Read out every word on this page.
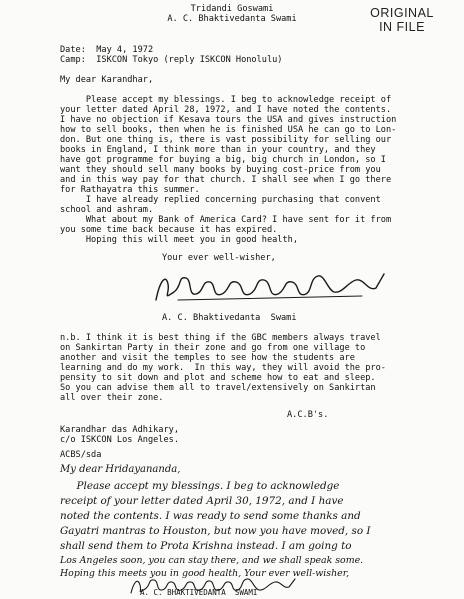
ORIGINAL
IN FILE
Tridandi Goswami
A. C. Bhaktivedanta Swami
Date:  May 4, 1972
Camp:  ISKCON Tokyo (reply ISKCON Honolulu)
My dear Karandhar,
Please accept my blessings. I beg to acknowledge receipt of
your letter dated April 28, 1972, and I have noted the contents.
I have no objection if Kesava tours the USA and gives instruction
how to sell books, then when he is finished USA he can go to Lon-
don. But one thing is, there is vast possibility for selling our
books in England, I think more than in your country, and they
have got programme for buying a big, big church in London, so I
want they should sell many books by buying cost-price from you
and in this way pay for that church. I shall see when I go there
for Rathayatra this summer.
I have already replied concerning purchasing that convent
school and ashram.
What about my Bank of America Card? I have sent for it from
you some time back because it has expired.
Hoping this will meet you in good health,
Your ever well-wisher,
A. C. Bhaktivedanta  Swami
n.b. I think it is best thing if the GBC members always travel
on Sankirtan Party in their zone and go from one village to
another and visit the temples to see how the students are
learning and do my work.  In this way, they will avoid the pro-
pensity to sit down and plot and scheme how to eat and sleep.
So you can advise them all to travel/extensively on Sankirtan
all over their zone.
A.C.B's.
Karandhar das Adhikary,
c/o ISKCON Los Angeles.
ACBS/sda
My dear Hridayananda,
Please accept my blessings. I beg to acknowledge
receipt of your letter dated April 30, 1972, and I have
noted the contents. I was ready to send some thanks and
Gayatri mantras to Houston, but now you have moved, so I
shall send them to Prota Krishna instead. I am going to
Los Angeles soon, you can stay there, and we shall speak some.
Hoping this meets you in good health, Your ever well-wisher,
A. C. BHAKTIVEDANTA  SWAMI
